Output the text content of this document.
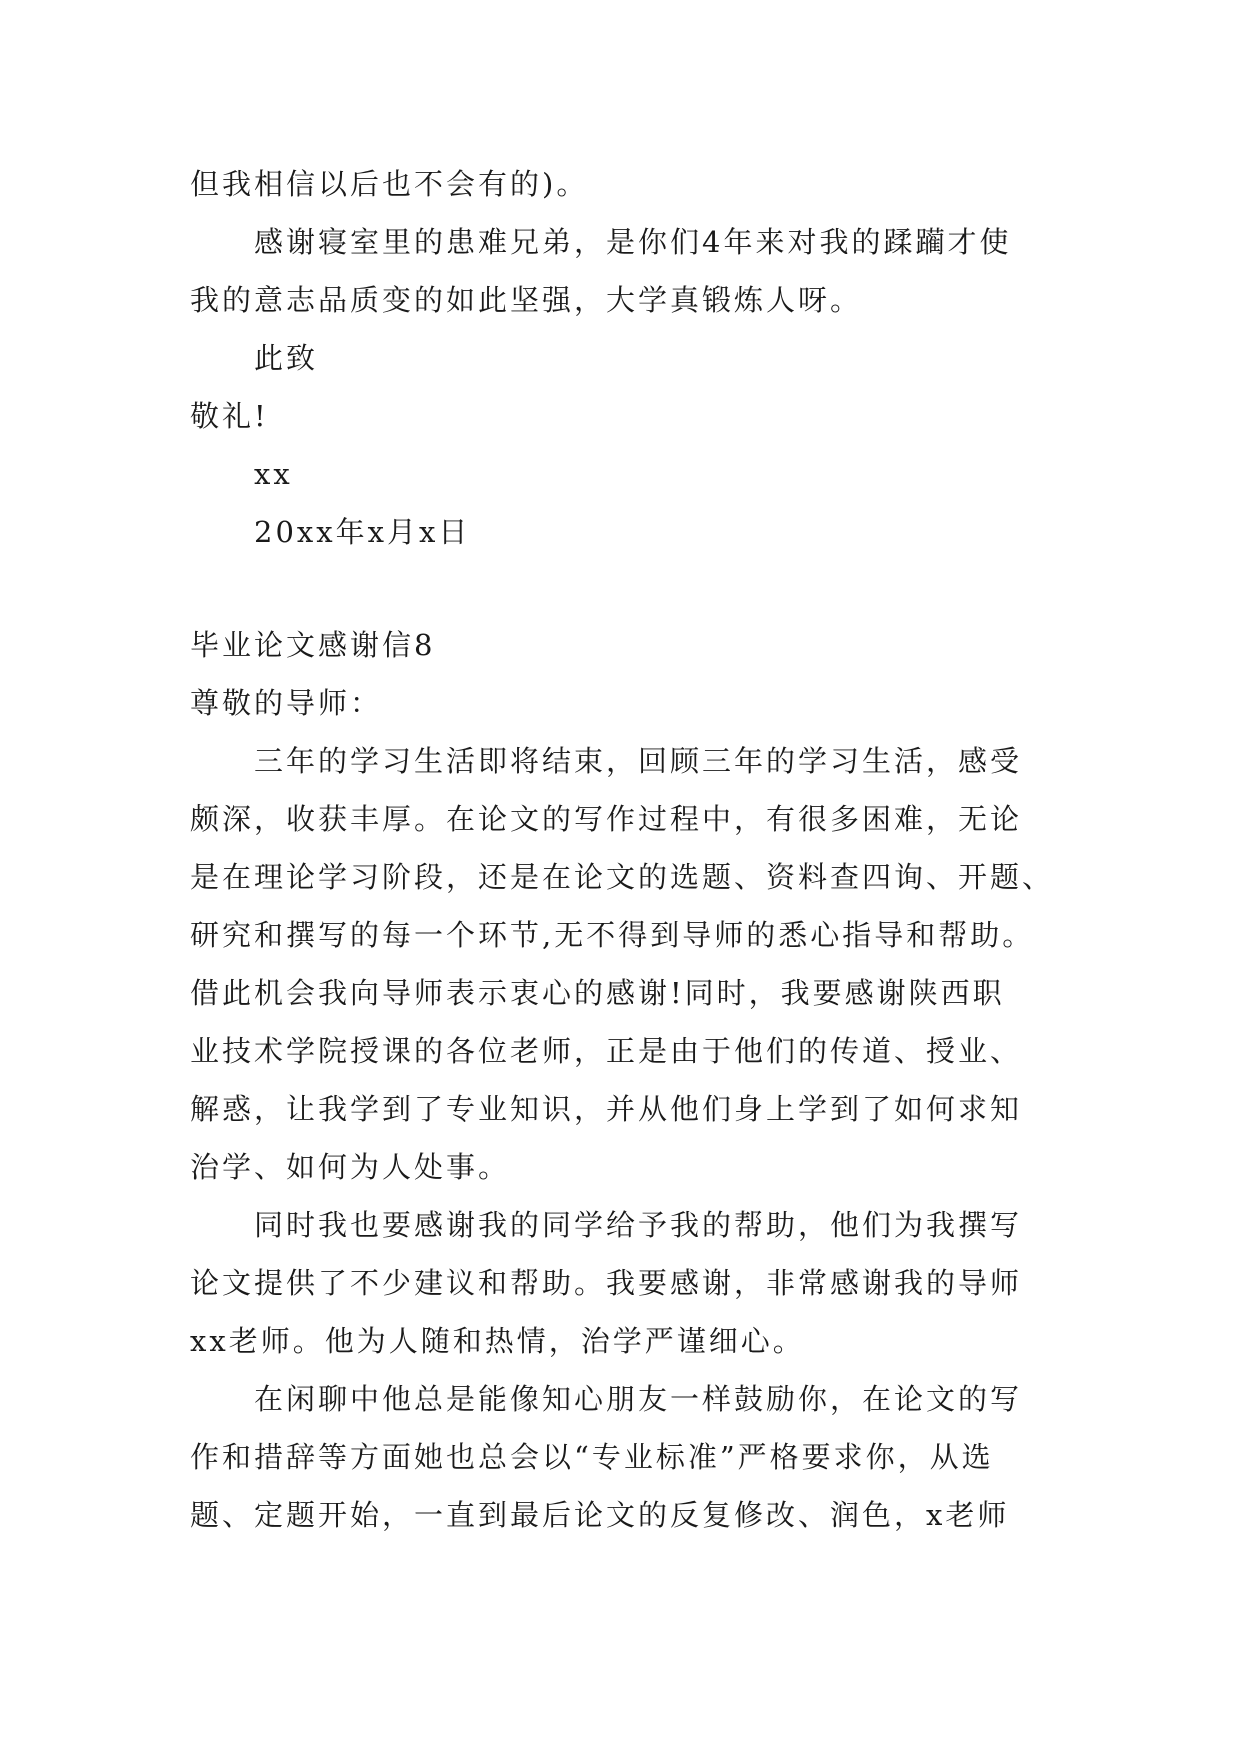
但我相信以后也不会有的)。
感谢寝室里的患难兄弟，是你们4年来对我的蹂躏才使
我的意志品质变的如此坚强，大学真锻炼人呀。
此致
敬礼!
xx
20xx年x月x日
毕业论文感谢信8
尊敬的导师：
三年的学习生活即将结束，回顾三年的学习生活，感受
颇深，收获丰厚。在论文的写作过程中，有很多困难，无论
是在理论学习阶段，还是在论文的选题、资料查四询、开题、
研究和撰写的每一个环节,无不得到导师的悉心指导和帮助。
借此机会我向导师表示衷心的感谢!同时，我要感谢陕西职
业技术学院授课的各位老师，正是由于他们的传道、授业、
解惑，让我学到了专业知识，并从他们身上学到了如何求知
治学、如何为人处事。
同时我也要感谢我的同学给予我的帮助，他们为我撰写
论文提供了不少建议和帮助。我要感谢，非常感谢我的导师
xx老师。他为人随和热情，治学严谨细心。
在闲聊中他总是能像知心朋友一样鼓励你，在论文的写
作和措辞等方面她也总会以“专业标准”严格要求你，从选
题、定题开始，一直到最后论文的反复修改、润色，x老师
